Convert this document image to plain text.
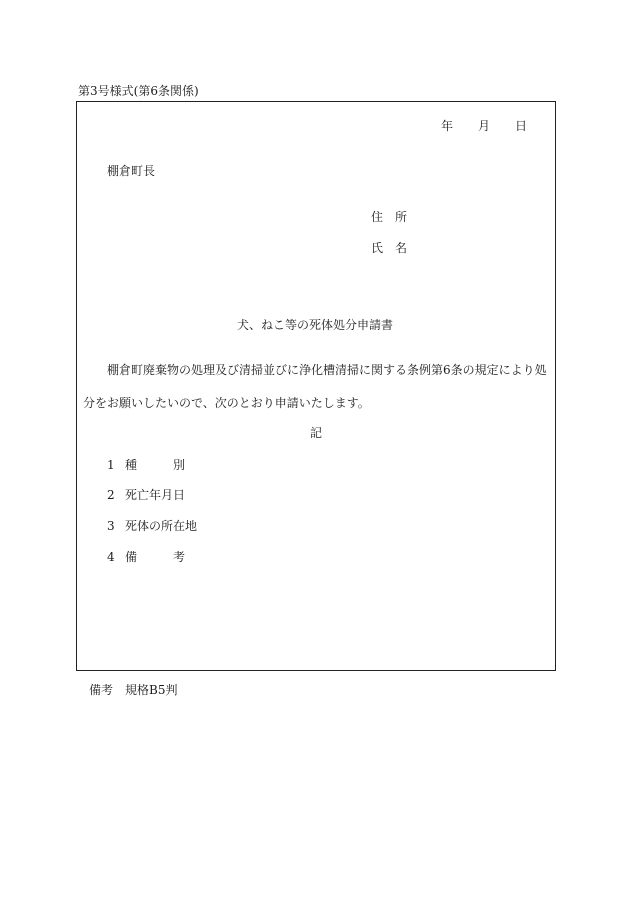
第3号様式(第6条関係)
年 月 日
棚倉町長
住 所
氏 名
犬、ねこ等の死体処分申請書
棚倉町廃棄物の処理及び清掃並びに浄化槽清掃に関する条例第6条の規定により処
分をお願いしたいので、次のとおり申請いたします。
記
1 種	別
2 死亡年月日
3 死体の所在地
4 備	考
備考　規格B5判
